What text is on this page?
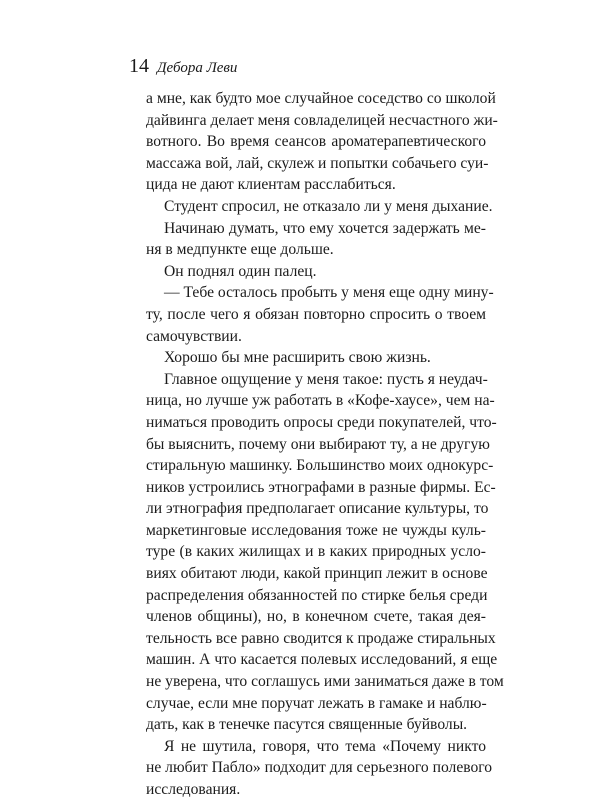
14 Дебора Леви
а мне, как будто мое случайное соседство со школой
дайвинга делает меня совладелицей несчастного жи-
вотного. Во время сеансов ароматерапевтического
массажа вой, лай, скулеж и попытки собачьего суи-
цида не дают клиентам расслабиться.
Студент спросил, не отказало ли у меня дыхание.
Начинаю думать, что ему хочется задержать ме-
ня в медпункте еще дольше.
Он поднял один палец.
— Тебе осталось пробыть у меня еще одну мину-
ту, после чего я обязан повторно спросить о твоем
самочувствии.
Хорошо бы мне расширить свою жизнь.
Главное ощущение у меня такое: пусть я неудач-
ница, но лучше уж работать в «Кофе-хаусе», чем на-
ниматься проводить опросы среди покупателей, что-
бы выяснить, почему они выбирают ту, а не другую
стиральную машинку. Большинство моих однокурс-
ников устроились этнографами в разные фирмы. Ес-
ли этнография предполагает описание культуры, то
маркетинговые исследования тоже не чужды куль-
туре (в каких жилищах и в каких природных усло-
виях обитают люди, какой принцип лежит в основе
распределения обязанностей по стирке белья среди
членов общины), но, в конечном счете, такая дея-
тельность все равно сводится к продаже стиральных
машин. А что касается полевых исследований, я еще
не уверена, что соглашусь ими заниматься даже в том
случае, если мне поручат лежать в гамаке и наблю-
дать, как в тенечке пасутся священные буйволы.
Я не шутила, говоря, что тема «Почему никто
не любит Пабло» подходит для серьезного полевого
исследования.
